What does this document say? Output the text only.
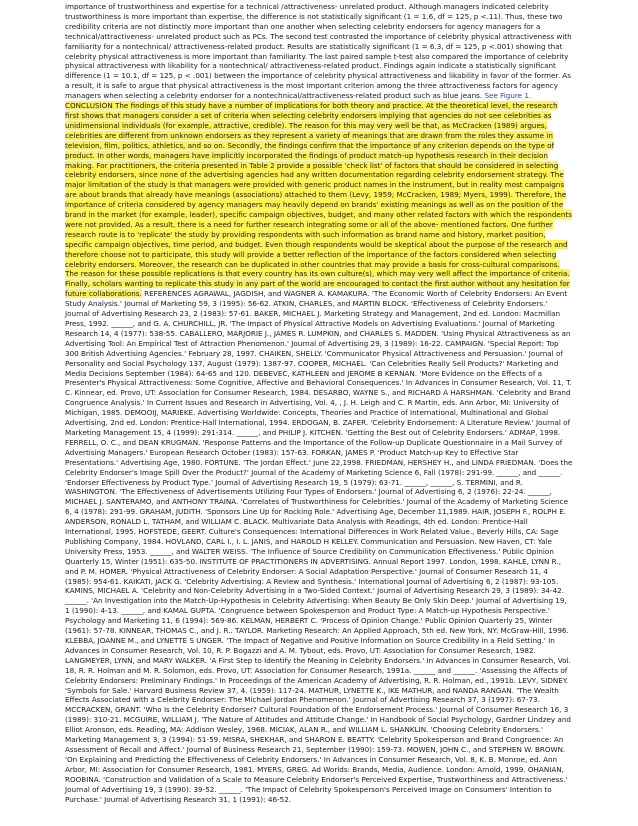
importance of trustworthiness and expertise for a technical /attractiveness- unrelated product. Although managers indicated celebrity trustworthiness is more important than expertise, the difference is not statistically significant (1 = 1.6, df = 125, p <.11). Thus, these two credibility criteria are not distinctly more important than one another when selecting celebrity endorsers for agency managers for a technical/attractiveness- unrelated product such as PCs. The second test contrasted the importance of celebrity physical attractiveness with familiarity for a nontechnical/ attractiveness-related product. Results are statistically significant (1 = 6.3, df = 125, p <.001) showing that celebrity physical attractiveness is more important than familiarity. The last paired sample t-test also compared the importance of celebrity physical attractiveness with likability for a nontechnical/ attractiveness-related product. Findings again indicate a statistically significant difference (1 = 10.1, df = 125, p < .001) between the importance of celebrity physical attractiveness and likability in favor of the former. As a result, it is safe to argue that physical attractiveness is the most important criterion among the three attractiveness factors for agency managers when selecting a celebrity endorser for a nontechnical/attractiveness-related product such as blue jeans. See Figure 1.
CONCLUSION The findings of this study have a number of implications for both theory and practice. At the theoretical level, the research first shows that managers consider a set of criteria when selecting celebrity endorsers implying that agencies do not see celebrities as unidimensional individuals (for example, attractive, credible). The reason for this may very well be that, as McCracken (1989) argues, celebrities are different from unknown endorsers as they represent a variety of meanings that are drawn from the roles they assume in television, film, politics, athletics, and so on. Secondly, the findings confirm that the importance of any criterion depends on the type of product. In other words, managers have implicitly incorporated the findings of product match-up hypothesis research in their decision making. For practitioners, the criteria presented in Table 2 provide a possible 'check list' of factors that should be considered in selecting celebrity endorsers, since none of the advertising agencies had any written documentation regarding celebrity endorsement strategy. The major limitation of the study is that managers were provided with generic product names in the instrument, but in reality most campaigns are about brands that already have meanings (associations) attached to them (Levy, 1959; McCracken, 1989; Myers, 1999). Therefore, the importance of criteria considered by agency managers may heavily depend on brands' existing meanings as well as on the position of the brand in the market (for example, leader), specific campaign objectives, budget, and many other related factors with which the respondents were not provided. As a result, there is a need for further research integrating some or all of the above- mentioned factors. One further research route is to 'replicate' the study by providing respondents with such information as brand name and history, market position, specific campaign objectives, time period, and budget. Even though respondents would be skeptical about the purpose of the research and therefore choose not to participate, this study will provide a better reflection of the importance of the factors considered when selecting celebrity endorsers. Moreover, the research can be duplicated in other countries that may provide a basis for cross-cultural comparisons. The reason for these possible replications is that every country has its own culture(s), which may very well affect the importance of criteria. Finally, scholars wanting to replicate this study in any part of the world are encouraged to contact the first author without any hesitation for future collaborations. REFERENCES AGRAWAL, JAGDISH, and WAGNER A. KAMAKURA. 'The Economic Worth of Celebrity Endorsers: An Event Study Analysis.' Journal of Marketing 59, 3 (1995): 56-62. ATKIN, CHARLES, and MARTIN BLOCK. 'Effectiveness of Celebrity Endorsers.' Journal of Advertising Research 23, 2 (1983): 57-61. BAKER, MICHAEL J. Marketing Strategy and Management, 2nd ed. London: Macmillan Press, 1992. ______, and G. A. CHURCHILL, JR. 'The Impact of Physical Attractive Models on Advertising Evaluations.' Journal of Marketing Research 14, 4 (1977): 538-55. CABALLERO, MARJORIE J., JAMES R. LUMPKIN, and CHARLES S. MADDEN. 'Using Physical Attractiveness as an Advertising Tool: An Empirical Test of Attraction Phenomenon.' Journal of Advertising 29, 3 (1989): 16-22. CAMPAIGN. 'Special Report: Top 300 British Advertising Agencies.' February 28, 1997. CHAIKEN, SHELLY. 'Communicator Physical Attractiveness and Persuasion.' Journal of Personality and Social Psychology 137, August (1979): 1387-97. COOPER, MICHAEL. 'Can Celebrities Really Sell Products?' Marketing and Media Decisions September (1984): 64-65 and 120. DEBEVEC, KATHLEEN and JEROME B KERNAN. 'More Evidence on the Effects of a Presenter's Physical Attractiveness: Some Cognitive, Affective and Behavioral Consequences.' In Advances in Consumer Research, Vol. 11, T. C. Kinnear, ed. Provo, UT: Association for Consumer Research, 1984. DESARBO, WAYNE S., and RICHARD A HARSHMAN. 'Celebrity and Brand Congruence Analysis.' In Current Issues and Research in Advertising, Vol. 4, , J. H. Leigh and C. R Martin, eds. Ann Arbor, MI: University of Michigan, 1985. DEMOOIJ, MARIEKE. Advertising Worldwide: Concepts, Theories and Practice of International, Multinational and Global Advertising, 2nd ed. London: Prentice-Hall International, 1994. ERDOGAN, B. ZAFER. 'Celebrity Endorsement: A Literature Review.' Journal of Marketing Management 15, 4 (1999): 291-314. ______, and PHILIP J. KITCHEN. 'Getting the Best out of Celebrity Endorsers.' ADMAP, 1998. FERRELL, O. C., and DEAN KRUGMAN. 'Response Patterns and the Importance of the Follow-up Duplicate Questionnaire in a Mail Survey of Advertising Managers.' European Research October (1983): 157-63. FORKAN, JAMES P. 'Product Match-up Key to Effective Star Presentations.' Advertising Age, 1980. FORTUNE. 'The Jordan Effect.' June 22,1998. FRIEDMAN, HERSHEY H., and LINDA FRIEDMAN. 'Does the Celebrity Endorser's Image Spill Over the Product?' Journal of the Academy of Marketing Science 6, Fall (1978): 291-99. ______, and ______. 'Endorser Effectiveness by Product Type.' Journal of Advertising Research 19, 5 (1979): 63-71. ______, ______, S. TERMINI, and R. WASHINGTON. 'The Effectiveness of Advertisements Utilizing Four Types of Endorsers.' Journal of Advertising 6, 2 (1976): 22-24. ______, MICHAEL J. SANTERAMO, and ANTHONY TRAINA. 'Correlates of Trustworthiness for Celebrities.' Journal of the Academy of Marketing Science 6, 4 (1978): 291-99. GRAHAM, JUDITH. 'Sponsors Line Up for Rocking Role.' Advertising Age, December 11,1989. HAIR, JOSEPH F., ROLPH E. ANDERSON, RONALD L. TATHAM, and WILLIAM C. BLACK. Multivariate Data Analysis with Readings, 4th ed. London: Prentice-Hall International, 1995. HOFSTEDE, GEERT. Culture's Consequences: International Differences in Work Related Value., Beverly Hills, CA: Sage Publishing Company, 1984. HOVLAND, CARL I., I. L. JANIS, and HAROLD H KELLEY. Communication and Persuasion. New Haven, CT: Yale University Press, 1953. ______, and WALTER WEISS. 'The Influence of Source Credibility on Communication Effectiveness.' Public Opinion Quarterly 15, Winter (1951): 635-50. INSTITUTE OF PRACTITIONERS IN ADVERTISING. Annual Report 1997. London, 1998. KAHLE, LYNN R., and P. M. HOMER. 'Physical Attractiveness of Celebrity Endorser: A Social Adaptation Perspective.' Journal of Consumer Research 11, 4 (1985): 954-61. KAIKATI, JACK G. 'Celebrity Advertising: A Review and Synthesis.' International Journal of Advertising 6, 2 (1987): 93-105. KAMINS, MICHAEL A. 'Celebrity and Non-Celebrity Advertising in a Two-Sided Context.' Journal of Advertising Research 29, 3 (1989): 34-42. ______. 'An Investigation into the Match-Up-Hypothesis in Celebrity Advertising: When Beauty Be Only Skin Deep.' Journal of Advertising 19, 1 (1990): 4-13. ______, and KAMAL GUPTA. 'Congruence between Spokesperson and Product Type: A Match-up Hypothesis Perspective.' Psychology and Marketing 11, 6 (1994): 569-86. KELMAN, HERBERT C. 'Process of Opinion Change.' Public Opinion Quarterly 25, Winter (1961): 57-78. KINNEAR, THOMAS C., and J. R.. TAYLOR. Marketing Research: An Applied Approach, 5th ed. New York, NY: McGraw-Hill, 1996. KLEBBA, JOANNE M., and LYNETTE S UNGER. 'The Impact of Negative and Positive Information on Source Credibility in a Field Setting.' In Advances in Consumer Research, Vol. 10, R. P. Bogazzi and A. M. Tybout, eds. Provo, UT: Association for Consumer Research, 1982. LANGMEYER, LYNN, and MARY WALKER. 'A First Step to Identify the Meaning in Celebrity Endorsers.' In Advances in Consumer Research, Vol. 18, R. R. Holman and M. R. Solomon, eds. Provo, UT: Association for Consumer Research, 1991a. ______ and ______. 'Assessing the Affects of Celebrity Endorsers: Preliminary Findings.' In Proceedings of the American Academy of Advertising, R. R. Holman, ed., 1991b. LEVY, SIDNEY. 'Symbols for Sale.' Harvard Business Review 37, 4. (1959): 117-24. MATHUR, LYNETTE K., IKE MATHUR, and NANDA RANGAN. 'The Wealth Effects Associated with a Celebrity Endorser: The Michael Jordan Phenomenon.' Journal of Advertising Research 37, 3 (1997): 67-73. MCCRACKEN, GRANT. 'Who Is the Celebrity Endorser? Cultural Foundation of the Endorsement Process.' Journal of Consumer Research 16, 3 (1989): 310-21. MCGUIRE, WILLIAM J. 'The Nature of Attitudes and Attitude Change.' In Handbook of Social Psychology, Gardner Lindzey and Elliot Aronson, eds. Reading, MA: Addison Wesley, 1968. MICIAK, ALAN R., and WILLIAM L. SHANKLIN. 'Choosing Celebrity Endorsers.' Marketing Management 3, 3 (1994): 51-59. MISRA, SHEKHAR, and SHARON E. BEATTY. 'Celebrity Spokesperson and Brand Congruence: An Assessment of Recall and Affect.' Journal of Business Research 21, September (1990): 159-73. MOWEN, JOHN C., and STEPHEN W. BROWN. 'On Explaining and Predicting the Effectiveness of Celebrity Endorsers.' In Advances in Consumer Research, Vol. 8, K. B. Monroe, ed. Ann Arbor, MI: Association for Consumer Research, 1981. MYERS, GREG. Ad Worlds: Brands, Media, Audience. London: Arnold, 1999. OHANIAN, ROOBINA. 'Construction and Validation of a Scale to Measure Celebrity Endorser's Perceived Expertise, Trustworthiness and Attractiveness.' Journal of Advertising 19, 3 (1990): 39-52. ______. 'The Impact of Celebrity Spokesperson's Perceived Image on Consumers' Intention to Purchase.' Journal of Advertising Research 31, 1 (1991): 46-52.
